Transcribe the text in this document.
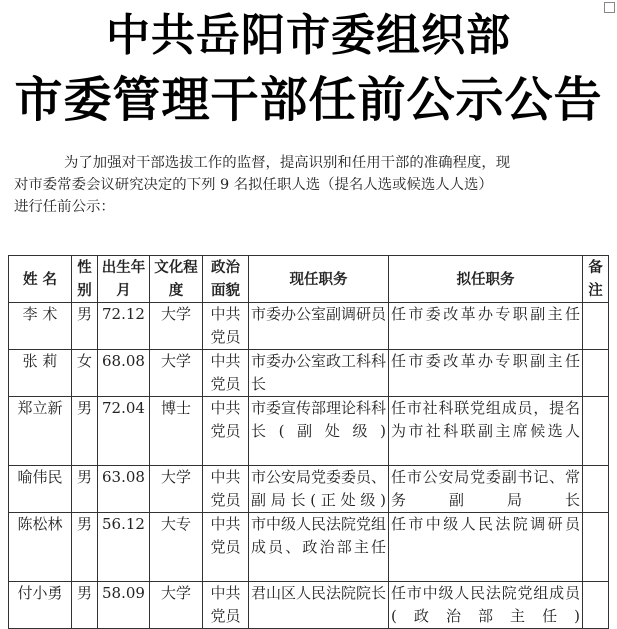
中共岳阳市委组织部
市委管理干部任前公示公告
为了加强对干部选拔工作的监督，提高识别和任用干部的准确程度，现
对市委常委会议研究决定的下列 9 名拟任职人选（提名人选或候选人人选）
进行任前公示：
姓 名	性别	出生年月	文化程度	政治面貌	现任职务	拟任职务	备注

李 术	男	72.12	大学	中共党员	市委办公室副调研员	任市委改革办专职副主任	

张 莉	女	68.08	大学	中共党员	市委办公室政工科科长	任市委改革办专职副主任	

郑立新	男	72.04	博士	中共党员	市委宣传部理论科科长(副处级)	任市社科联党组成员，提名为市社科联副主席候选人	

喻伟民	男	63.08	大学	中共党员	市公安局党委委员、副局长(正处级)	任市公安局党委副书记、常务副局长	

陈松林	男	56.12	大专	中共党员	市中级人民法院党组成员、政治部主任	任市中级人民法院调研员	

付小勇	男	58.09	大学	中共党员	君山区人民法院院长	任市中级人民法院党组成员(政治部主任)	
